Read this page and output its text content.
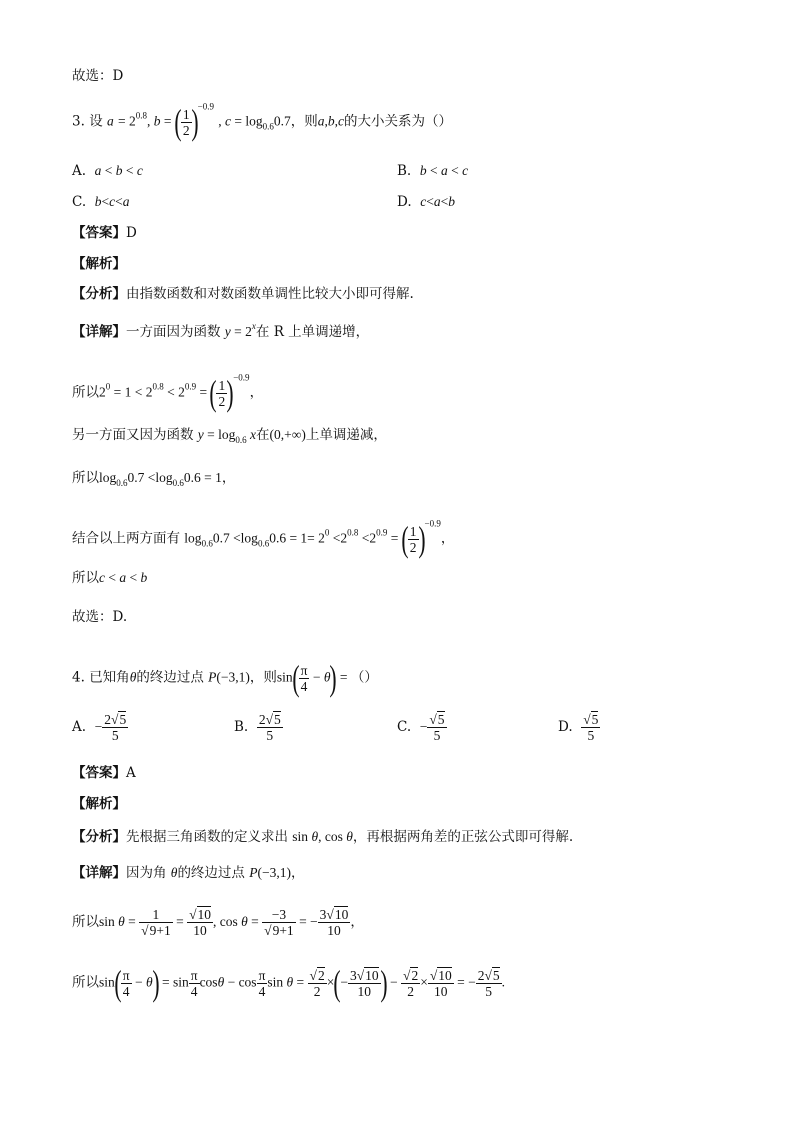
故选：D
3. 设 $a = 2^{0.8}$, b = ( $\frac{1}{2} )^{-0.9}$ , $c = \log_{0.6}0.7$，则a,b,c的大小关系为（）
A. a < b < c	B. b < a < c
C. b<c<a	D. c<a<b
【答案】D
【解析】
【分析】由指数函数和对数函数单调性比较大小即可得解.
【详解】一方面因为函数 $y = 2^x$在 R 上单调递增，
所以$2^0 = 1 < 2^{0.8} < 2^{0.9}$ = ( $\frac{1}{2} )^{-0.9}$，
另一方面又因为函数 $y = \log_{0.6} x$在(0,+∞)上单调递减，
所以$\log_{0.6}0.7 <\log_{0.6}0.6 = 1$，
结合以上两方面有 $\log_{0.6}0.7 <\log_{0.6}0.6 = 1= 2^0 <2^{0.8} <2^{0.9}$ = ( $\frac{1}{2} )^{-0.9}$，
所以c < a < b
故选：D.
4. 已知角θ的终边过点 P(−3,1)，则$\sin( \frac{\pi}{4} - \theta)$ = （）
A. − $\frac{2√5}{5}$	B. $\frac{2√5}{5}$	C. − $\frac{√5}{5}$	D. $\frac{√5}{5}$
【答案】A
【解析】
【分析】先根据三角函数的定义求出 sin θ, cos θ，再根据两角差的正弦公式即可得解.
【详解】因为角 θ的终边过点 P(−3,1)，
所以$\sin \theta = \frac{1}{√9+1} = \frac{√10}{10}$ , $\cos \theta = \frac{-3}{√9+1}$ = − $\frac{3√10}{10}$ ，
所以$\sin( \frac{\pi}{4} - \theta) = \sin \frac{\pi}{4}$ $\cos\theta - \cos \frac{\pi}{4}$ $\sin \theta = \frac{√2}{2}$ ×(− $\frac{3√10}{10}$ ) − $\frac{√2}{2} \times \frac{√10}{10}$ = − $\frac{2√5}{5}$ .
